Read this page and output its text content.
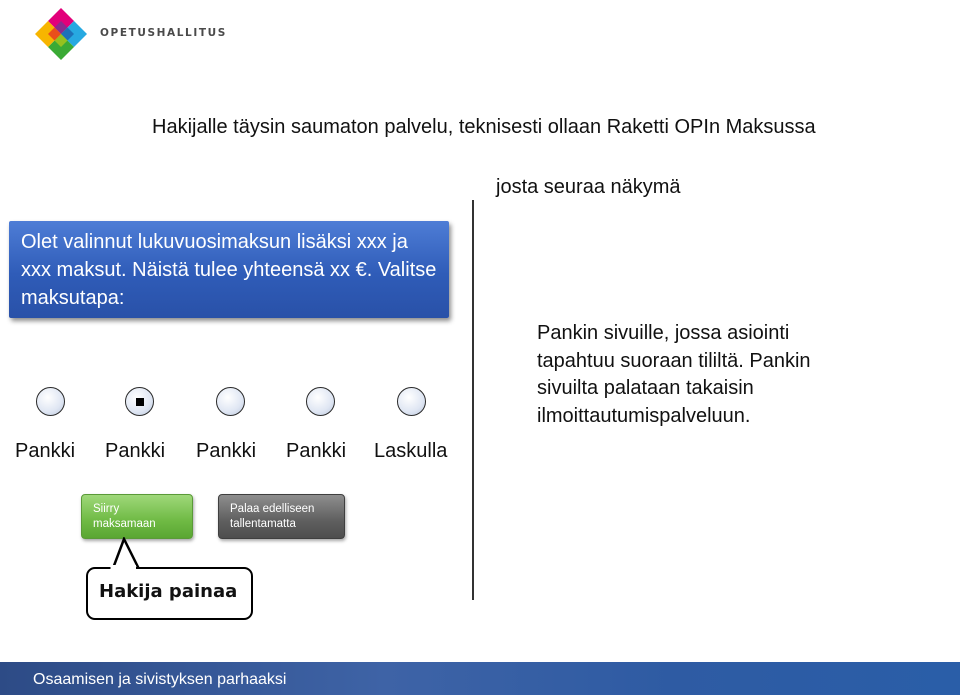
OPETUSHALLITUS
Hakijalle täysin saumaton palvelu, teknisesti ollaan Raketti OPIn Maksussa
josta seuraa näkymä
Olet valinnut lukuvuosimaksun lisäksi xxx ja xxx maksut. Näistä tulee yhteensä xx €. Valitse maksutapa:
Pankki Pankki Pankki Pankki Laskulla
Siirry maksamaan
Palaa edelliseen tallentamatta
Pankin sivuille, jossa asiointi tapahtuu suoraan tililtä. Pankin sivuilta palataan takaisin ilmoittautumispalveluun.
Hakija painaa
Osaamisen ja sivistyksen parhaaksi
